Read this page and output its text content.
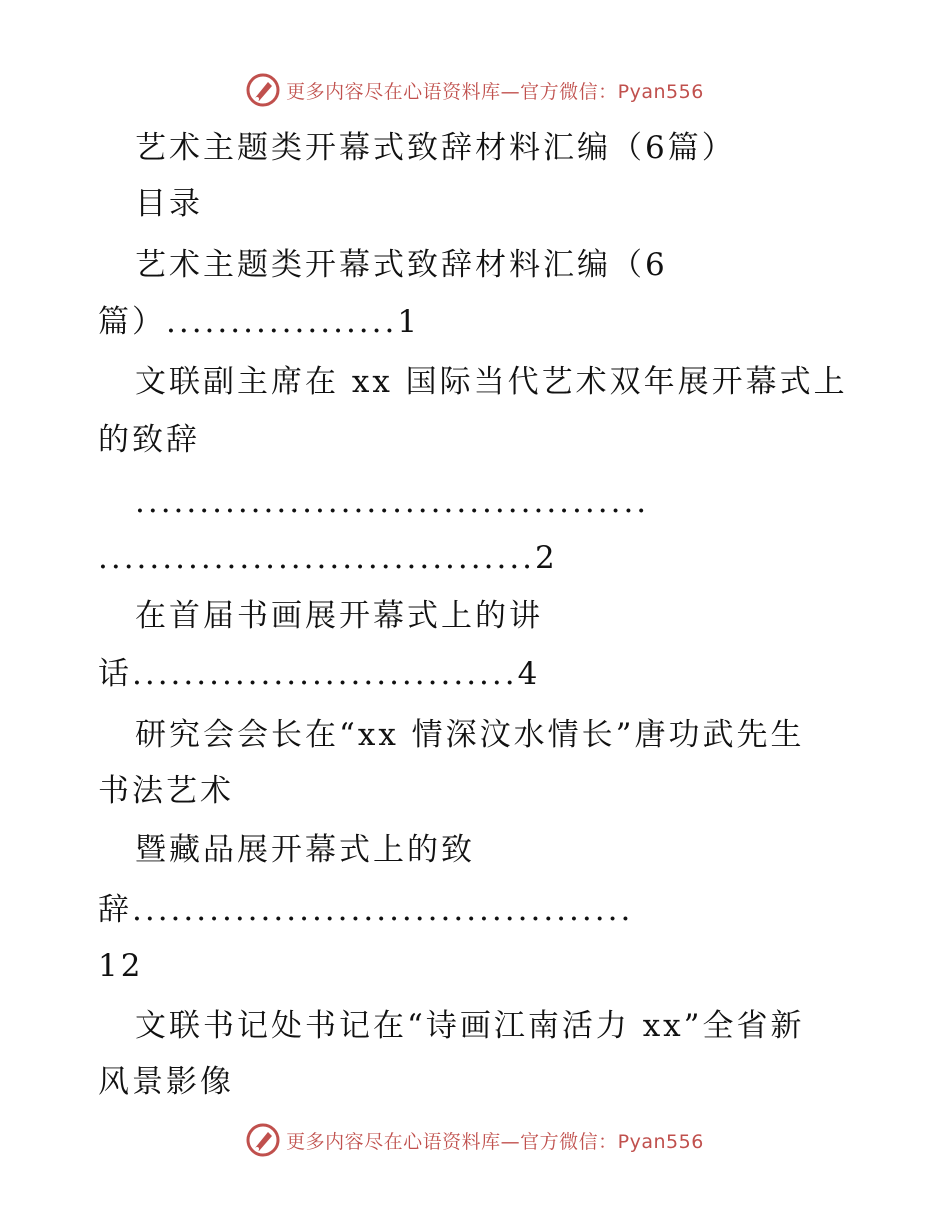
更多内容尽在心语资料库—官方微信：Pyan556
艺术主题类开幕式致辞材料汇编（6篇）
目录
艺术主题类开幕式致辞材料汇编（6
篇）..................1
文联副主席在 xx 国际当代艺术双年展开幕式上
的致辞
........................................
..................................2
在首届书画展开幕式上的讲
话..............................4
研究会会长在“xx 情深汶水情长”唐功武先生
书法艺术
暨藏品展开幕式上的致
辞.......................................
12
文联书记处书记在“诗画江南活力 xx”全省新
风景影像
更多内容尽在心语资料库—官方微信：Pyan556
